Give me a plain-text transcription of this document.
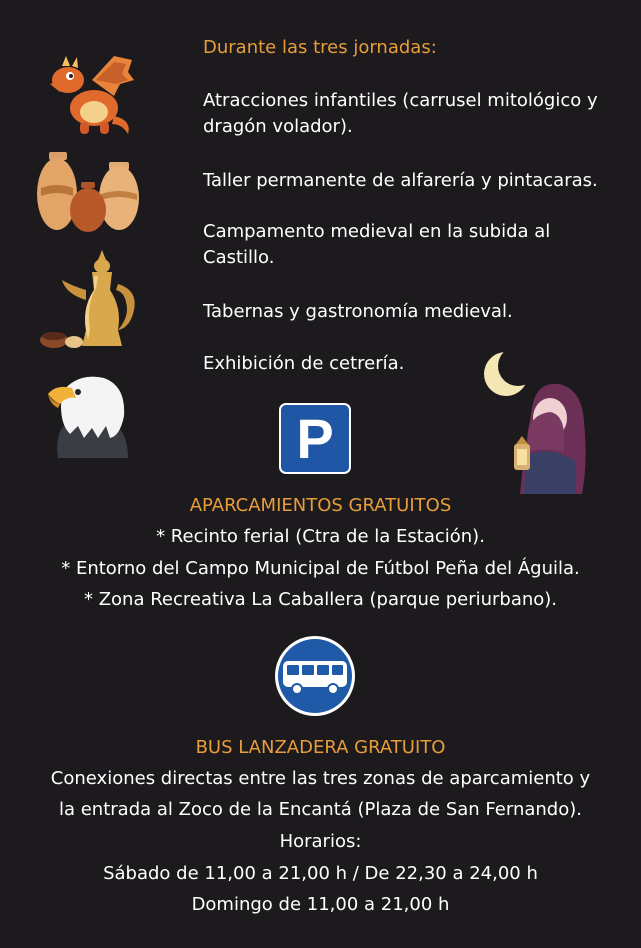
Durante las tres jornadas:
Atracciones infantiles (carrusel mitológico y dragón volador).
Taller permanente de alfarería y pintacaras.
Campamento medieval en la subida al Castillo.
Tabernas y gastronomía medieval.
Exhibición de cetrería.
P
APARCAMIENTOS GRATUITOS
* Recinto ferial (Ctra de la Estación).
* Entorno del Campo Municipal de Fútbol Peña del Águila.
* Zona Recreativa La Caballera (parque periurbano).
BUS LANZADERA GRATUITO
Conexiones directas entre las tres zonas de aparcamiento y
la entrada al Zoco de la Encantá (Plaza de San Fernando).
Horarios:
Sábado de 11,00 a 21,00 h / De 22,30 a 24,00 h
Domingo de 11,00 a 21,00 h
